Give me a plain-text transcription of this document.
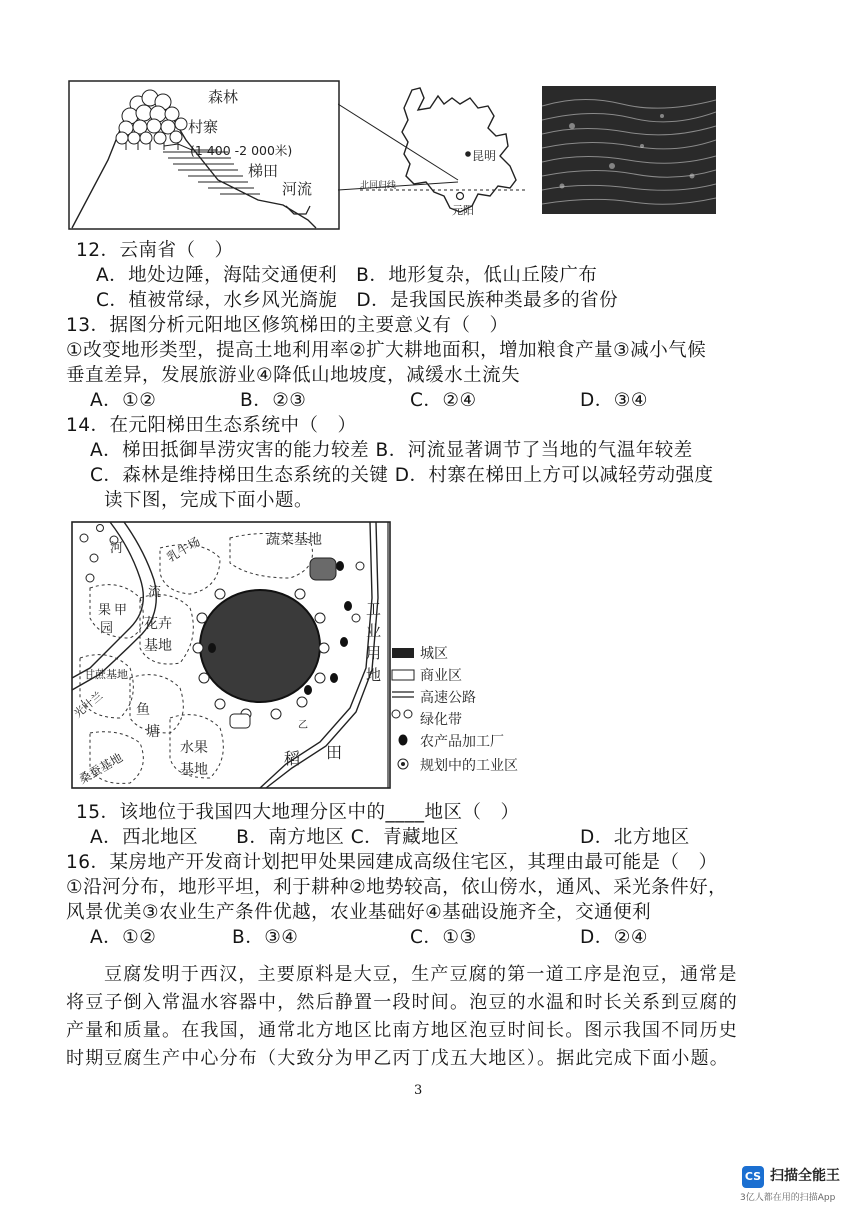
森林
村寨
(1 400 -2 000米)
梯田
河流
昆明
北回归线
元阳
12．云南省（　）
A．地处边陲，海陆交通便利　B．地形复杂，低山丘陵广布
C．植被常绿，水乡风光旖旎　D．是我国民族种类最多的省份
13．据图分析元阳地区修筑梯田的主要意义有（　）
①改变地形类型，提高土地利用率②扩大耕地面积，增加粮食产量③减小气候
垂直差异，发展旅游业④降低山地坡度，减缓水土流失
A．①②	B．②③	C．②④	D．③④
14．在元阳梯田生态系统中（　）
A．梯田抵御旱涝灾害的能力较差 B．河流显著调节了当地的气温年较差
C．森林是维持梯田生态系统的关键 D．村寨在梯田上方可以减轻劳动强度
读下图，完成下面小题。
河
流
乳牛场	蔬菜基地
果 甲
园 花卉
基地
工
业
用
地
甘蔗基地
光叶兰 鱼
塘
水果
基地
桑蚕基地	稻 田
乙
城区
商业区
高速公路
绿化带
农产品加工厂
规划中的工业区
15．该地位于我国四大地理分区中的____地区（　）
A．西北地区　　B．南方地区 C．青藏地区	D．北方地区
16．某房地产开发商计划把甲处果园建成高级住宅区，其理由最可能是（　）
①沿河分布，地形平坦，利于耕种②地势较高，依山傍水，通风、采光条件好，
风景优美③农业生产条件优越，农业基础好④基础设施齐全，交通便利
A．①②	B．③④	C．①③	D．②④
豆腐发明于西汉，主要原料是大豆，生产豆腐的第一道工序是泡豆，通常是
将豆子倒入常温水容器中，然后静置一段时间。泡豆的水温和时长关系到豆腐的
产量和质量。在我国，通常北方地区比南方地区泡豆时间长。图示我国不同历史
时期豆腐生产中心分布（大致分为甲乙丙丁戊五大地区）。据此完成下面小题。
3
CS 扫描全能王
3亿人都在用的扫描App
